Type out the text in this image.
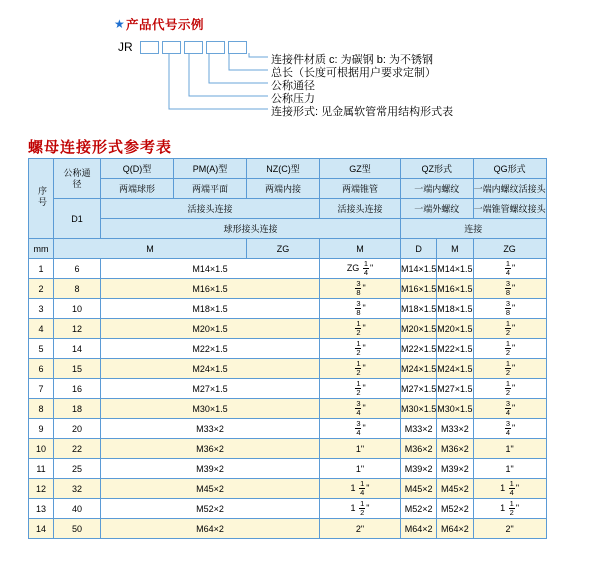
★ 产品代号示例
JR
连接件材质 c: 为碳钢 b: 为不锈钢
总长（长度可根据用户要求定制）
公称通径
公称压力
连接形式: 见金属软管常用结构形式表
螺母连接形式参考表
序号	公称通径	Q(D)型	PM(A)型	NZ(C)型	GZ型	QZ形式		QG形式
		两端球形	两端平面	两端内接	两端锥管	一端内螺纹		一端内螺纹活接头
	D1	活接头连接			活接头连接	一端外螺纹		一端锥管螺纹接头
		球形接头连接				连接		
mm	M			ZG	M	D	M	ZG
1	6	M14×1.5			ZG $\frac{1}{4}$ "	M14×1.5	M14×1.5	$\frac{1}{4}$ "
2	8	M16×1.5			$\frac{3}{8}$ "	M16×1.5	M16×1.5	$\frac{3}{8}$ "
3	10	M18×1.5			$\frac{3}{8}$ "	M18×1.5	M18×1.5	$\frac{3}{8}$ "
4	12	M20×1.5			$\frac{1}{2}$ "	M20×1.5	M20×1.5	$\frac{1}{2}$ "
5	14	M22×1.5			$\frac{1}{2}$ "	M22×1.5	M22×1.5	$\frac{1}{2}$ "
6	15	M24×1.5			$\frac{1}{2}$ "	M24×1.5	M24×1.5	$\frac{1}{2}$ "
7	16	M27×1.5			$\frac{1}{2}$ "	M27×1.5	M27×1.5	$\frac{1}{2}$ "
8	18	M30×1.5			$\frac{3}{4}$ "	M30×1.5	M30×1.5	$\frac{3}{4}$ "
9	20	M33×2			$\frac{3}{4}$ "	M33×2	M33×2	$\frac{3}{4}$ "
10	22	M36×2			1"	M36×2	M36×2	1"
11	25	M39×2			1"	M39×2	M39×2	1"
12	32	M45×2			$1 \frac{1}{4}$ "	M45×2	M45×2	$1 \frac{1}{4}$ "
13	40	M52×2			$1 \frac{1}{2}$ "	M52×2	M52×2	$1 \frac{1}{2}$ "
14	50	M64×2			2"	M64×2	M64×2	2"
